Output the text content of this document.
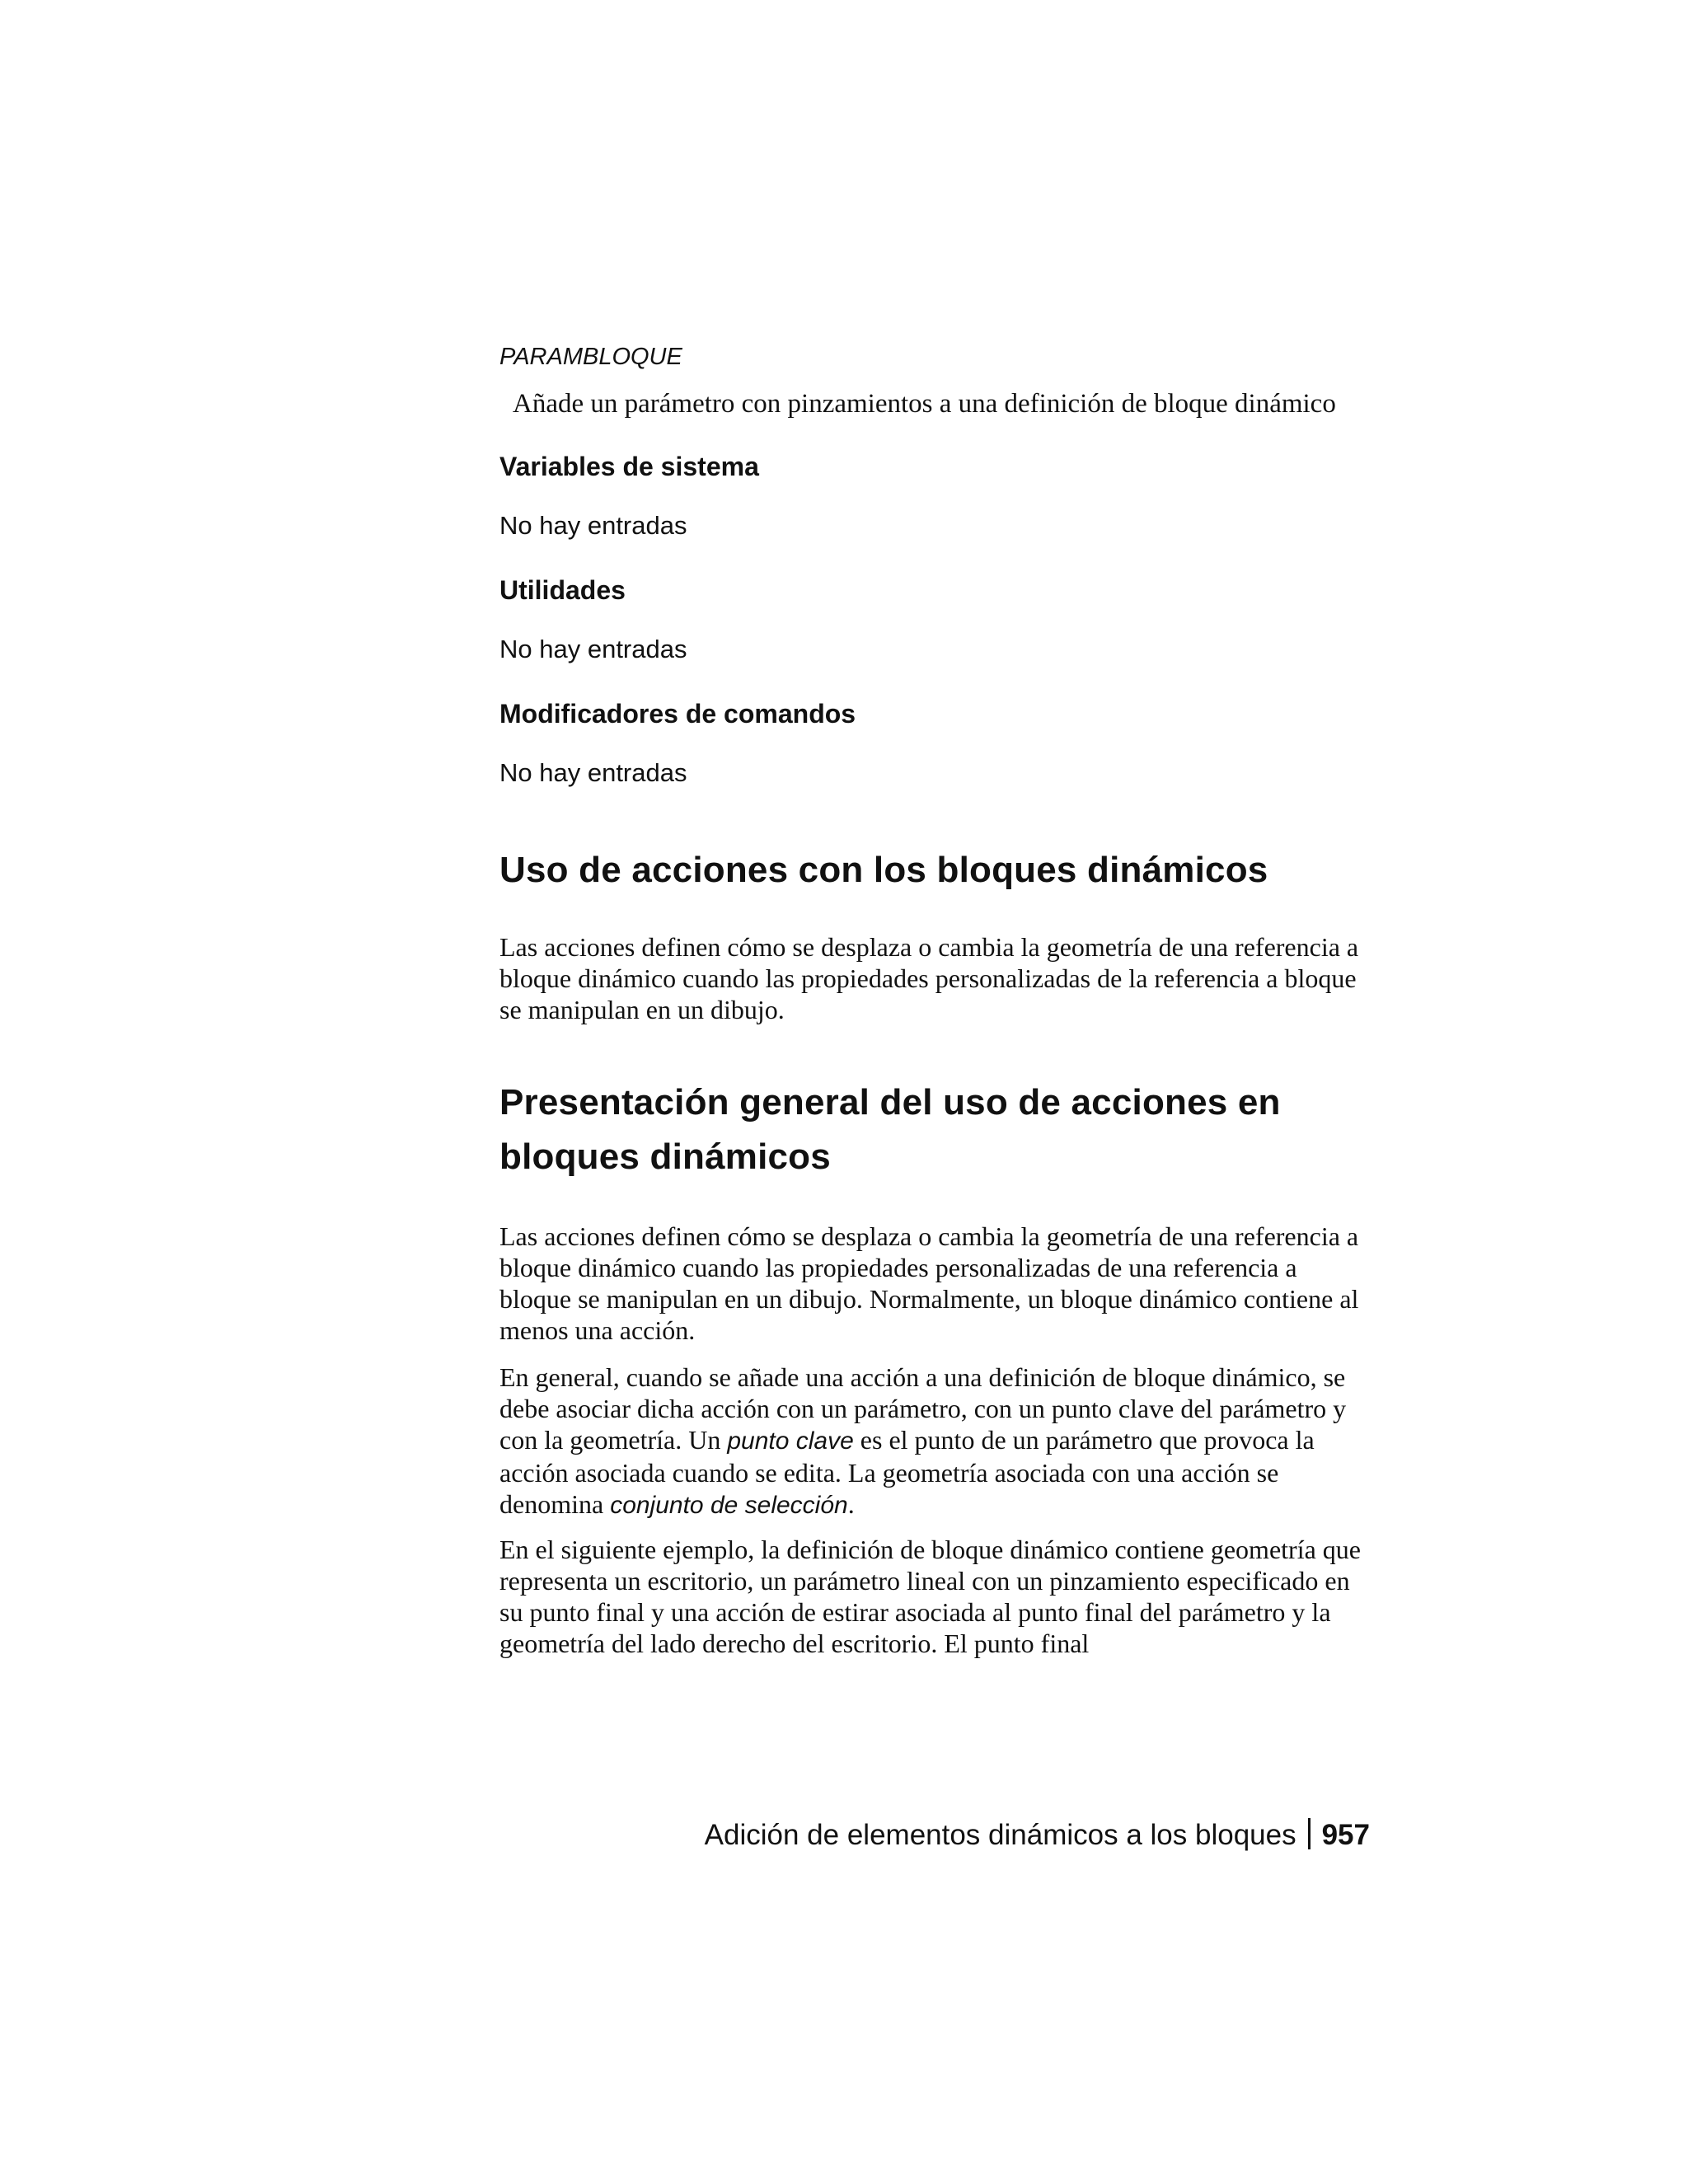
PARAMBLOQUE
Añade un parámetro con pinzamientos a una definición de bloque dinámico
Variables de sistema
No hay entradas
Utilidades
No hay entradas
Modificadores de comandos
No hay entradas
Uso de acciones con los bloques dinámicos

Las acciones definen cómo se desplaza o cambia la geometría de una referencia a bloque dinámico cuando las propiedades personalizadas de la referencia a bloque se manipulan en un dibujo.

Presentación general del uso de acciones en bloques dinámicos

Las acciones definen cómo se desplaza o cambia la geometría de una referencia a bloque dinámico cuando las propiedades personalizadas de una referencia a bloque se manipulan en un dibujo. Normalmente, un bloque dinámico contiene al menos una acción.

En general, cuando se añade una acción a una definición de bloque dinámico, se debe asociar dicha acción con un parámetro, con un punto clave del parámetro y con la geometría. Un punto clave es el punto de un parámetro que provoca la acción asociada cuando se edita. La geometría asociada con una acción se denomina conjunto de selección.

En el siguiente ejemplo, la definición de bloque dinámico contiene geometría que representa un escritorio, un parámetro lineal con un pinzamiento especificado en su punto final y una acción de estirar asociada al punto final del parámetro y la geometría del lado derecho del escritorio. El punto final

Adición de elementos dinámicos a los bloques 957
